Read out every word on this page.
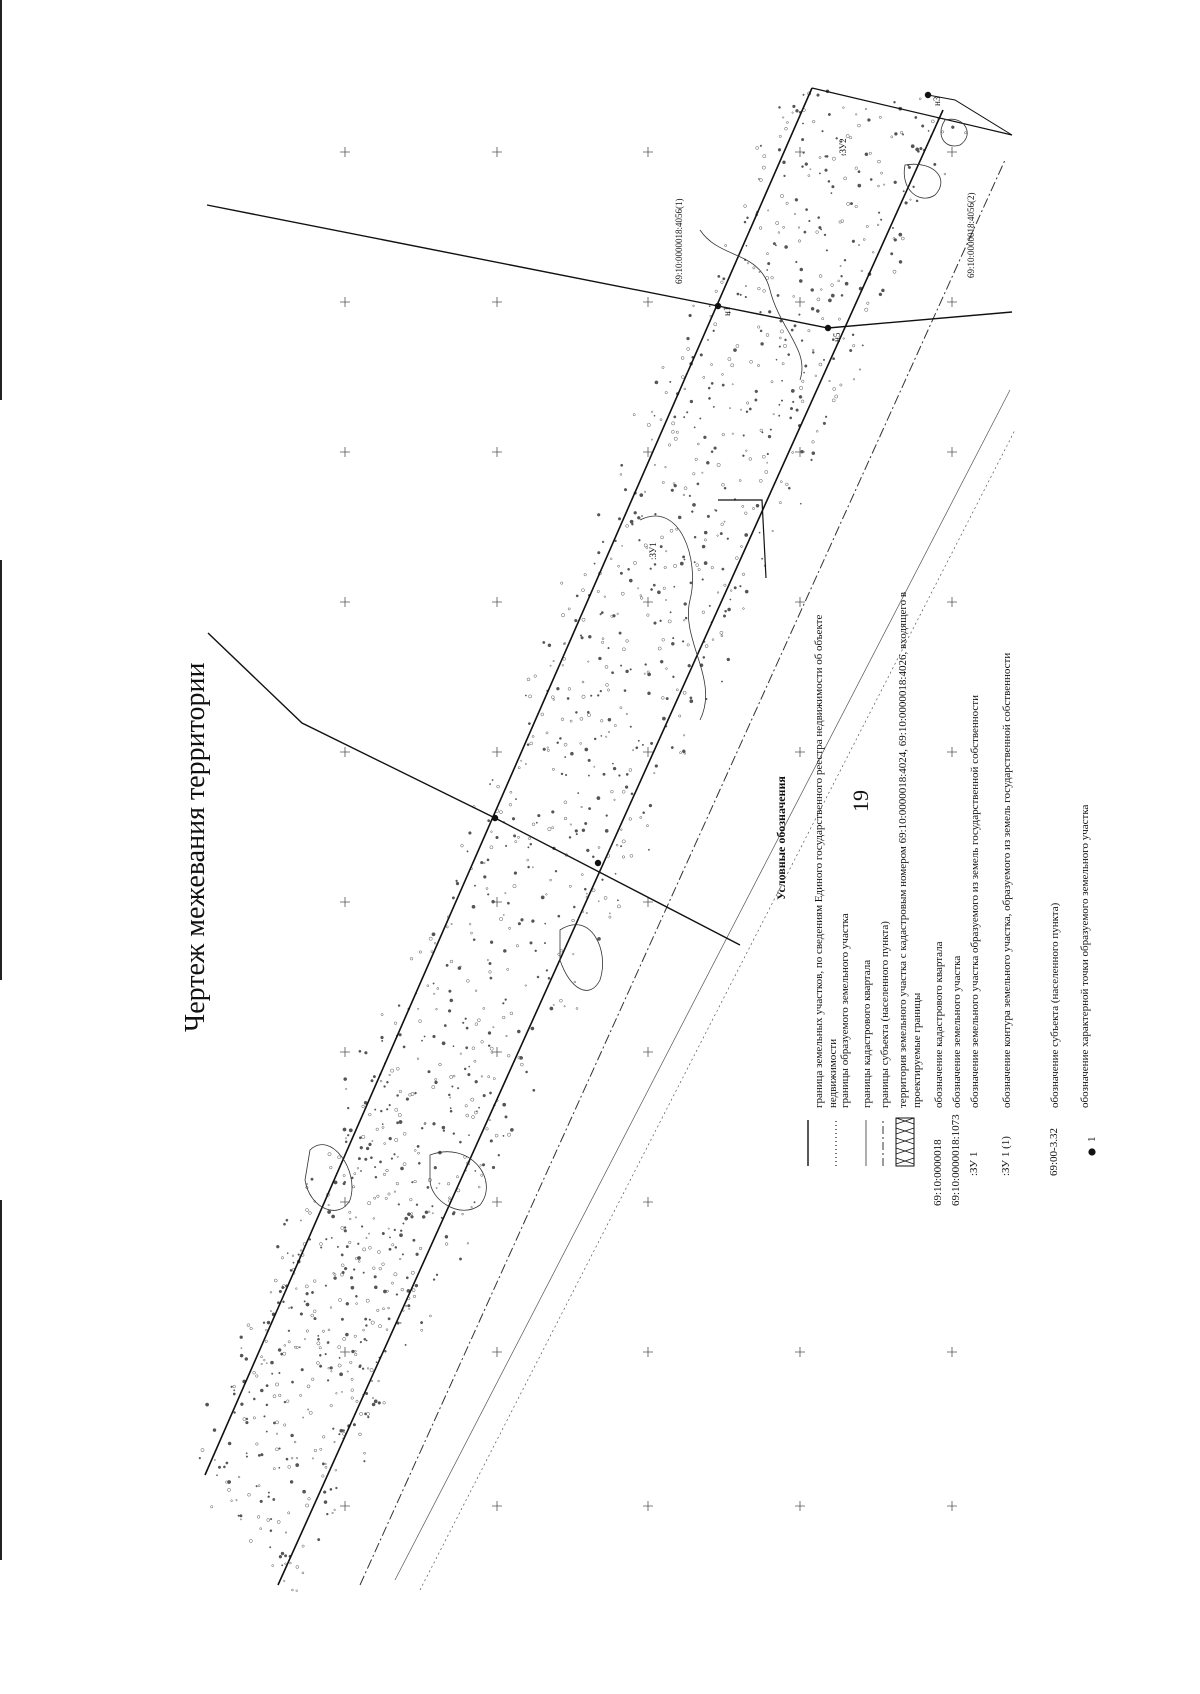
19
Чертеж межевания территории
:ЗУ1
:ЗУ2
69:10:0000018:4056(1)	69:10:0000018:4056(2)
н3
н1
н5
Условные обозначения граница земельных участков, по сведениям Единого государственного реестра недвижимости об объекте недвижимости границы образуемого земельного участка границы кадастрового квартала границы субъекта (населенного пункта) территория земельного участка с кадастровым номером 69:10:0000018:4024, 69:10:0000018:4026, входящего в проектируемые границы
69:10:0000018
обозначение кадастрового квартала
69:10:0000018:1073
обозначение земельного участка
:ЗУ 1
обозначение земельного участка образуемого из земель государственной собственности
:ЗУ 1 (1)
обозначение контура земельного участка, образуемого из земель государственной собственности
69:00-3.32
обозначение субъекта (населенного пункта)
1
обозначение характерной точки образуемого земельного участка
